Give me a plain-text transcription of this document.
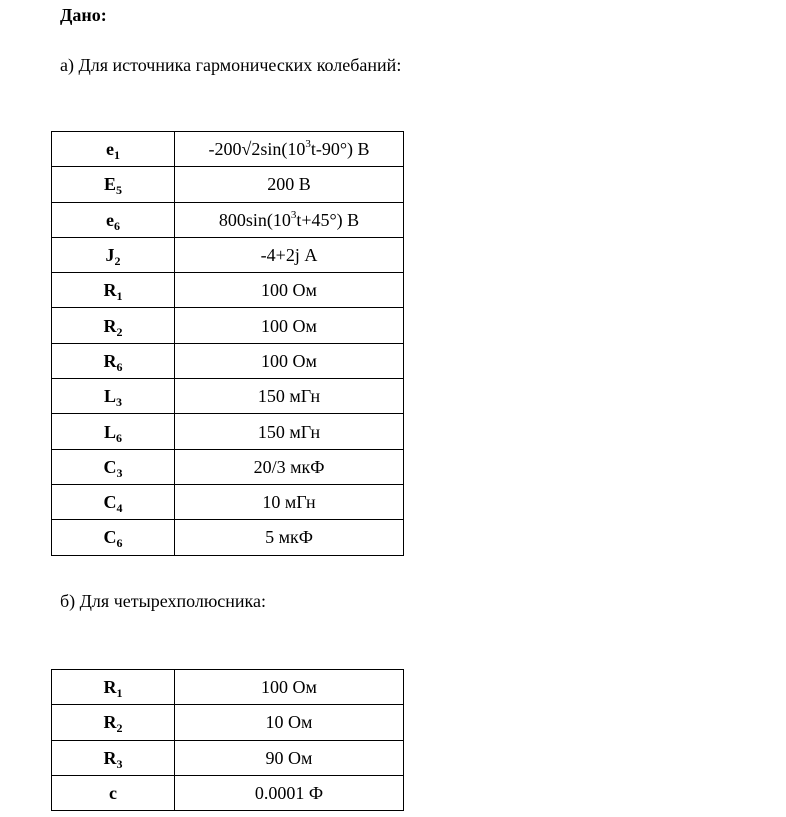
Дано:
а) Для источника гармонических колебаний:
$e_1$	$-200√2\sin(10^3t-90^\circ)$ В
$E_5$	200 В
$e_6$	$800\sin(10^3t+45^\circ)$ В
$J_2$	-4+2j А
$R_1$	100 Ом
$R_2$	100 Ом
$R_6$	100 Ом
$L_3$	150 мГн
$L_6$	150 мГн
$C_3$	20/3 мкФ
$C_4$	10 мГн
$C_6$	5 мкФ
б) Для четырехполюсника:
$R_1$	100 Ом
$R_2$	10 Ом
$R_3$	90 Ом
c	0.0001 Ф
